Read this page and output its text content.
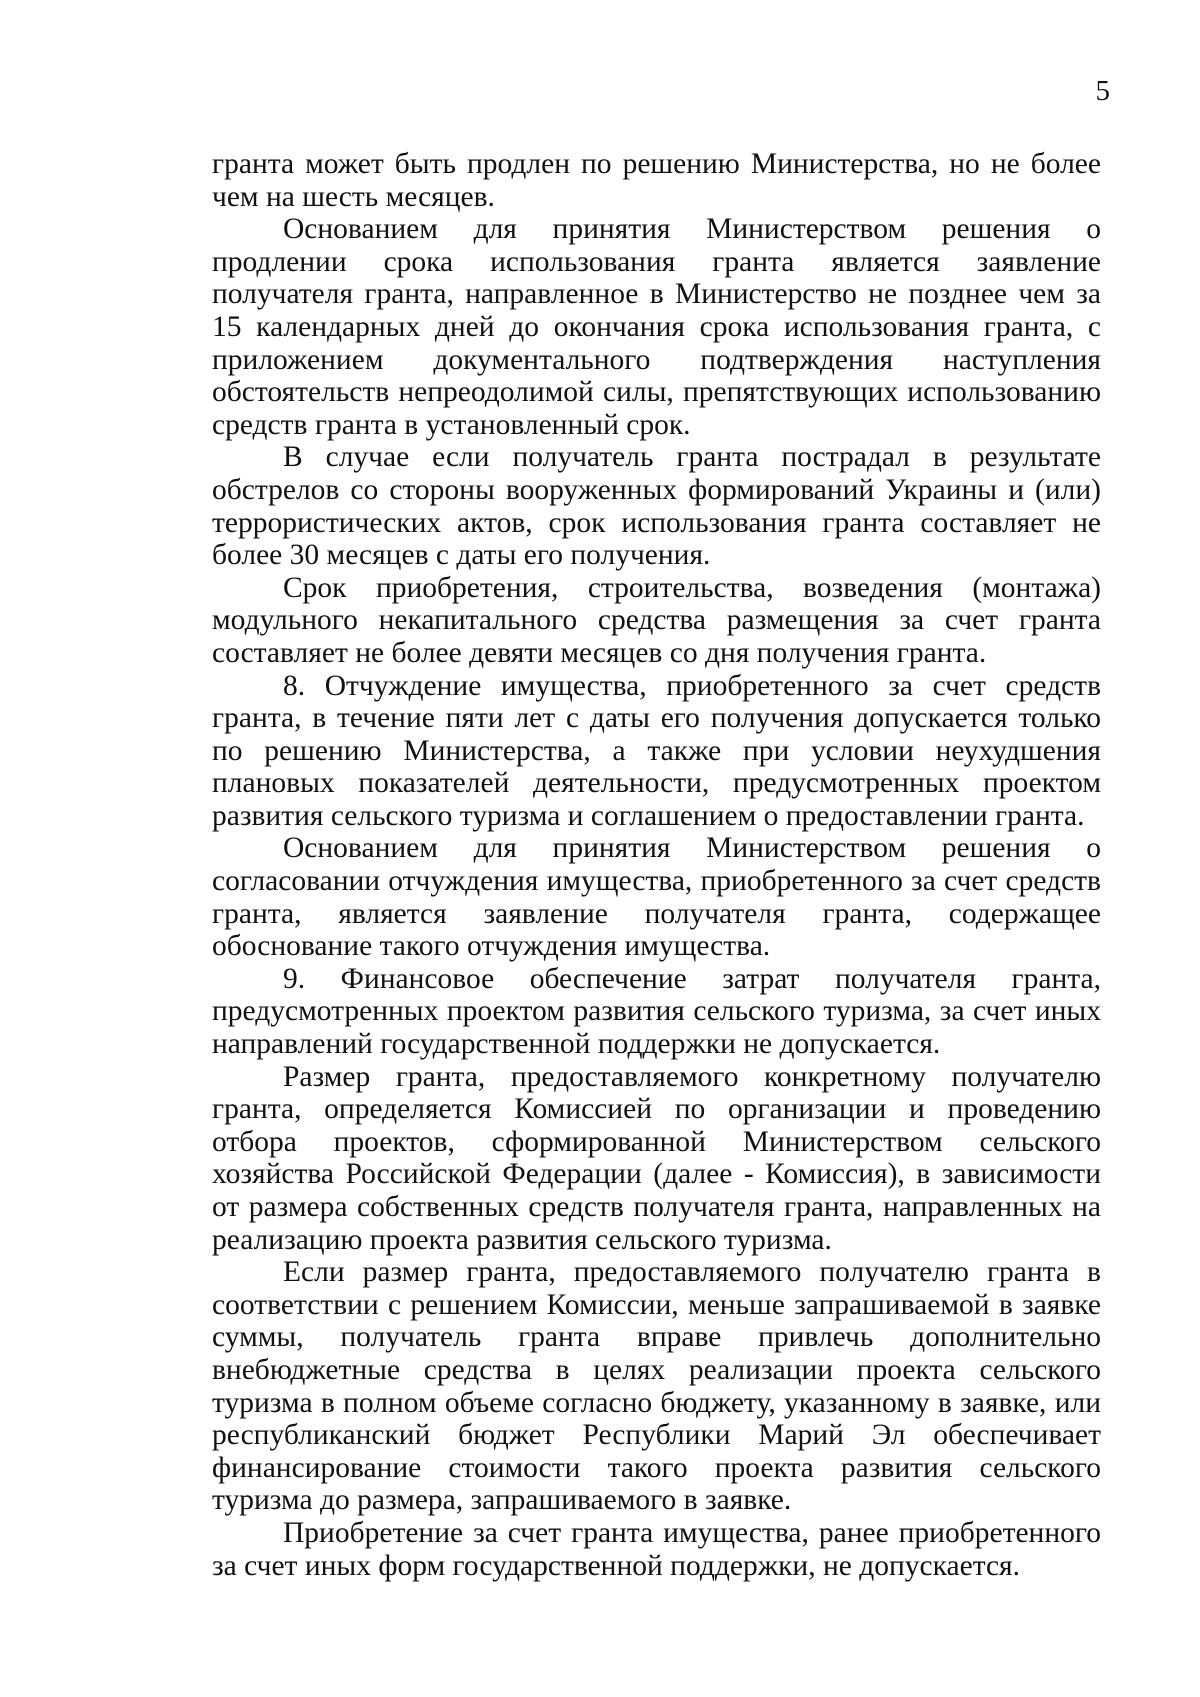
5

гранта может быть продлен по решению Министерства, но не более чем на шесть месяцев.

Основанием для принятия Министерством решения о продлении срока использования гранта является заявление получателя гранта, направленное в Министерство не позднее чем за 15 календарных дней до окончания срока использования гранта, с приложением документального подтверждения наступления обстоятельств непреодолимой силы, препятствующих использованию средств гранта в установленный срок.

В случае если получатель гранта пострадал в результате обстрелов со стороны вооруженных формирований Украины и (или) террористических актов, срок использования гранта составляет не более 30 месяцев с даты его получения.

Срок приобретения, строительства, возведения (монтажа) модульного некапитального средства размещения за счет гранта составляет не более девяти месяцев со дня получения гранта.

8. Отчуждение имущества, приобретенного за счет средств гранта, в течение пяти лет с даты его получения допускается только по решению Министерства, а также при условии неухудшения плановых показателей деятельности, предусмотренных проектом развития сельского туризма и соглашением о предоставлении гранта.

Основанием для принятия Министерством решения о согласовании отчуждения имущества, приобретенного за счет средств гранта, является заявление получателя гранта, содержащее обоснование такого отчуждения имущества.

9. Финансовое обеспечение затрат получателя гранта, предусмотренных проектом развития сельского туризма, за счет иных направлений государственной поддержки не допускается.

Размер гранта, предоставляемого конкретному получателю гранта, определяется Комиссией по организации и проведению отбора проектов, сформированной Министерством сельского хозяйства Российской Федерации (далее - Комиссия), в зависимости от размера собственных средств получателя гранта, направленных на реализацию проекта развития сельского туризма.

Если размер гранта, предоставляемого получателю гранта в соответствии с решением Комиссии, меньше запрашиваемой в заявке суммы, получатель гранта вправе привлечь дополнительно внебюджетные средства в целях реализации проекта сельского туризма в полном объеме согласно бюджету, указанному в заявке, или республиканский бюджет Республики Марий Эл обеспечивает финансирование стоимости такого проекта развития сельского туризма до размера, запрашиваемого в заявке.

Приобретение за счет гранта имущества, ранее приобретенного за счет иных форм государственной поддержки, не допускается.
